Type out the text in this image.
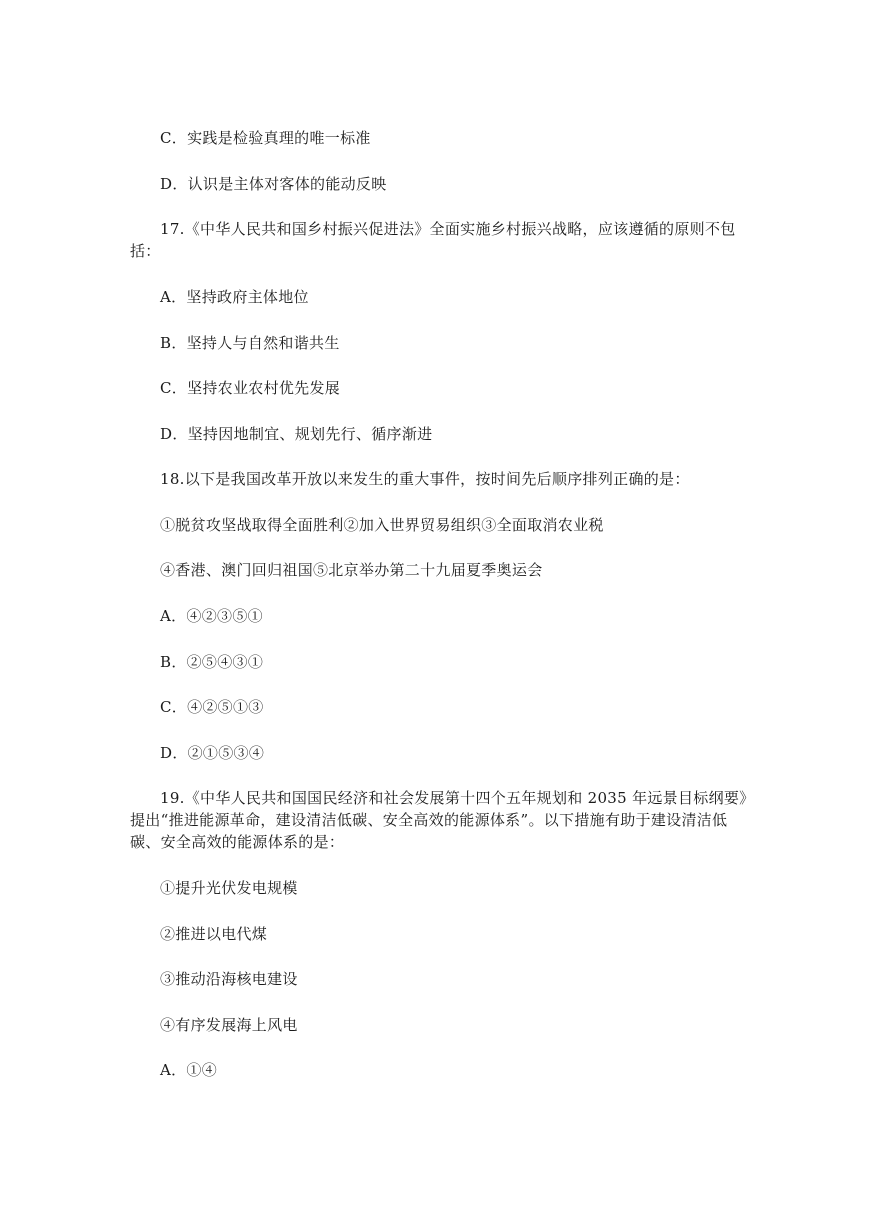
C．实践是检验真理的唯一标准
D．认识是主体对客体的能动反映
17.《中华人民共和国乡村振兴促进法》全面实施乡村振兴战略，应该遵循的原则不包括：
A．坚持政府主体地位
B．坚持人与自然和谐共生
C．坚持农业农村优先发展
D．坚持因地制宜、规划先行、循序渐进
18.以下是我国改革开放以来发生的重大事件，按时间先后顺序排列正确的是：
①脱贫攻坚战取得全面胜利②加入世界贸易组织③全面取消农业税
④香港、澳门回归祖国⑤北京举办第二十九届夏季奥运会
A．④②③⑤①
B．②⑤④③①
C．④②⑤①③
D．②①⑤③④
19.《中华人民共和国国民经济和社会发展第十四个五年规划和 2035 年远景目标纲要》提出“推进能源革命，建设清洁低碳、安全高效的能源体系”。以下措施有助于建设清洁低碳、安全高效的能源体系的是：
①提升光伏发电规模
②推进以电代煤
③推动沿海核电建设
④有序发展海上风电
A．①④
